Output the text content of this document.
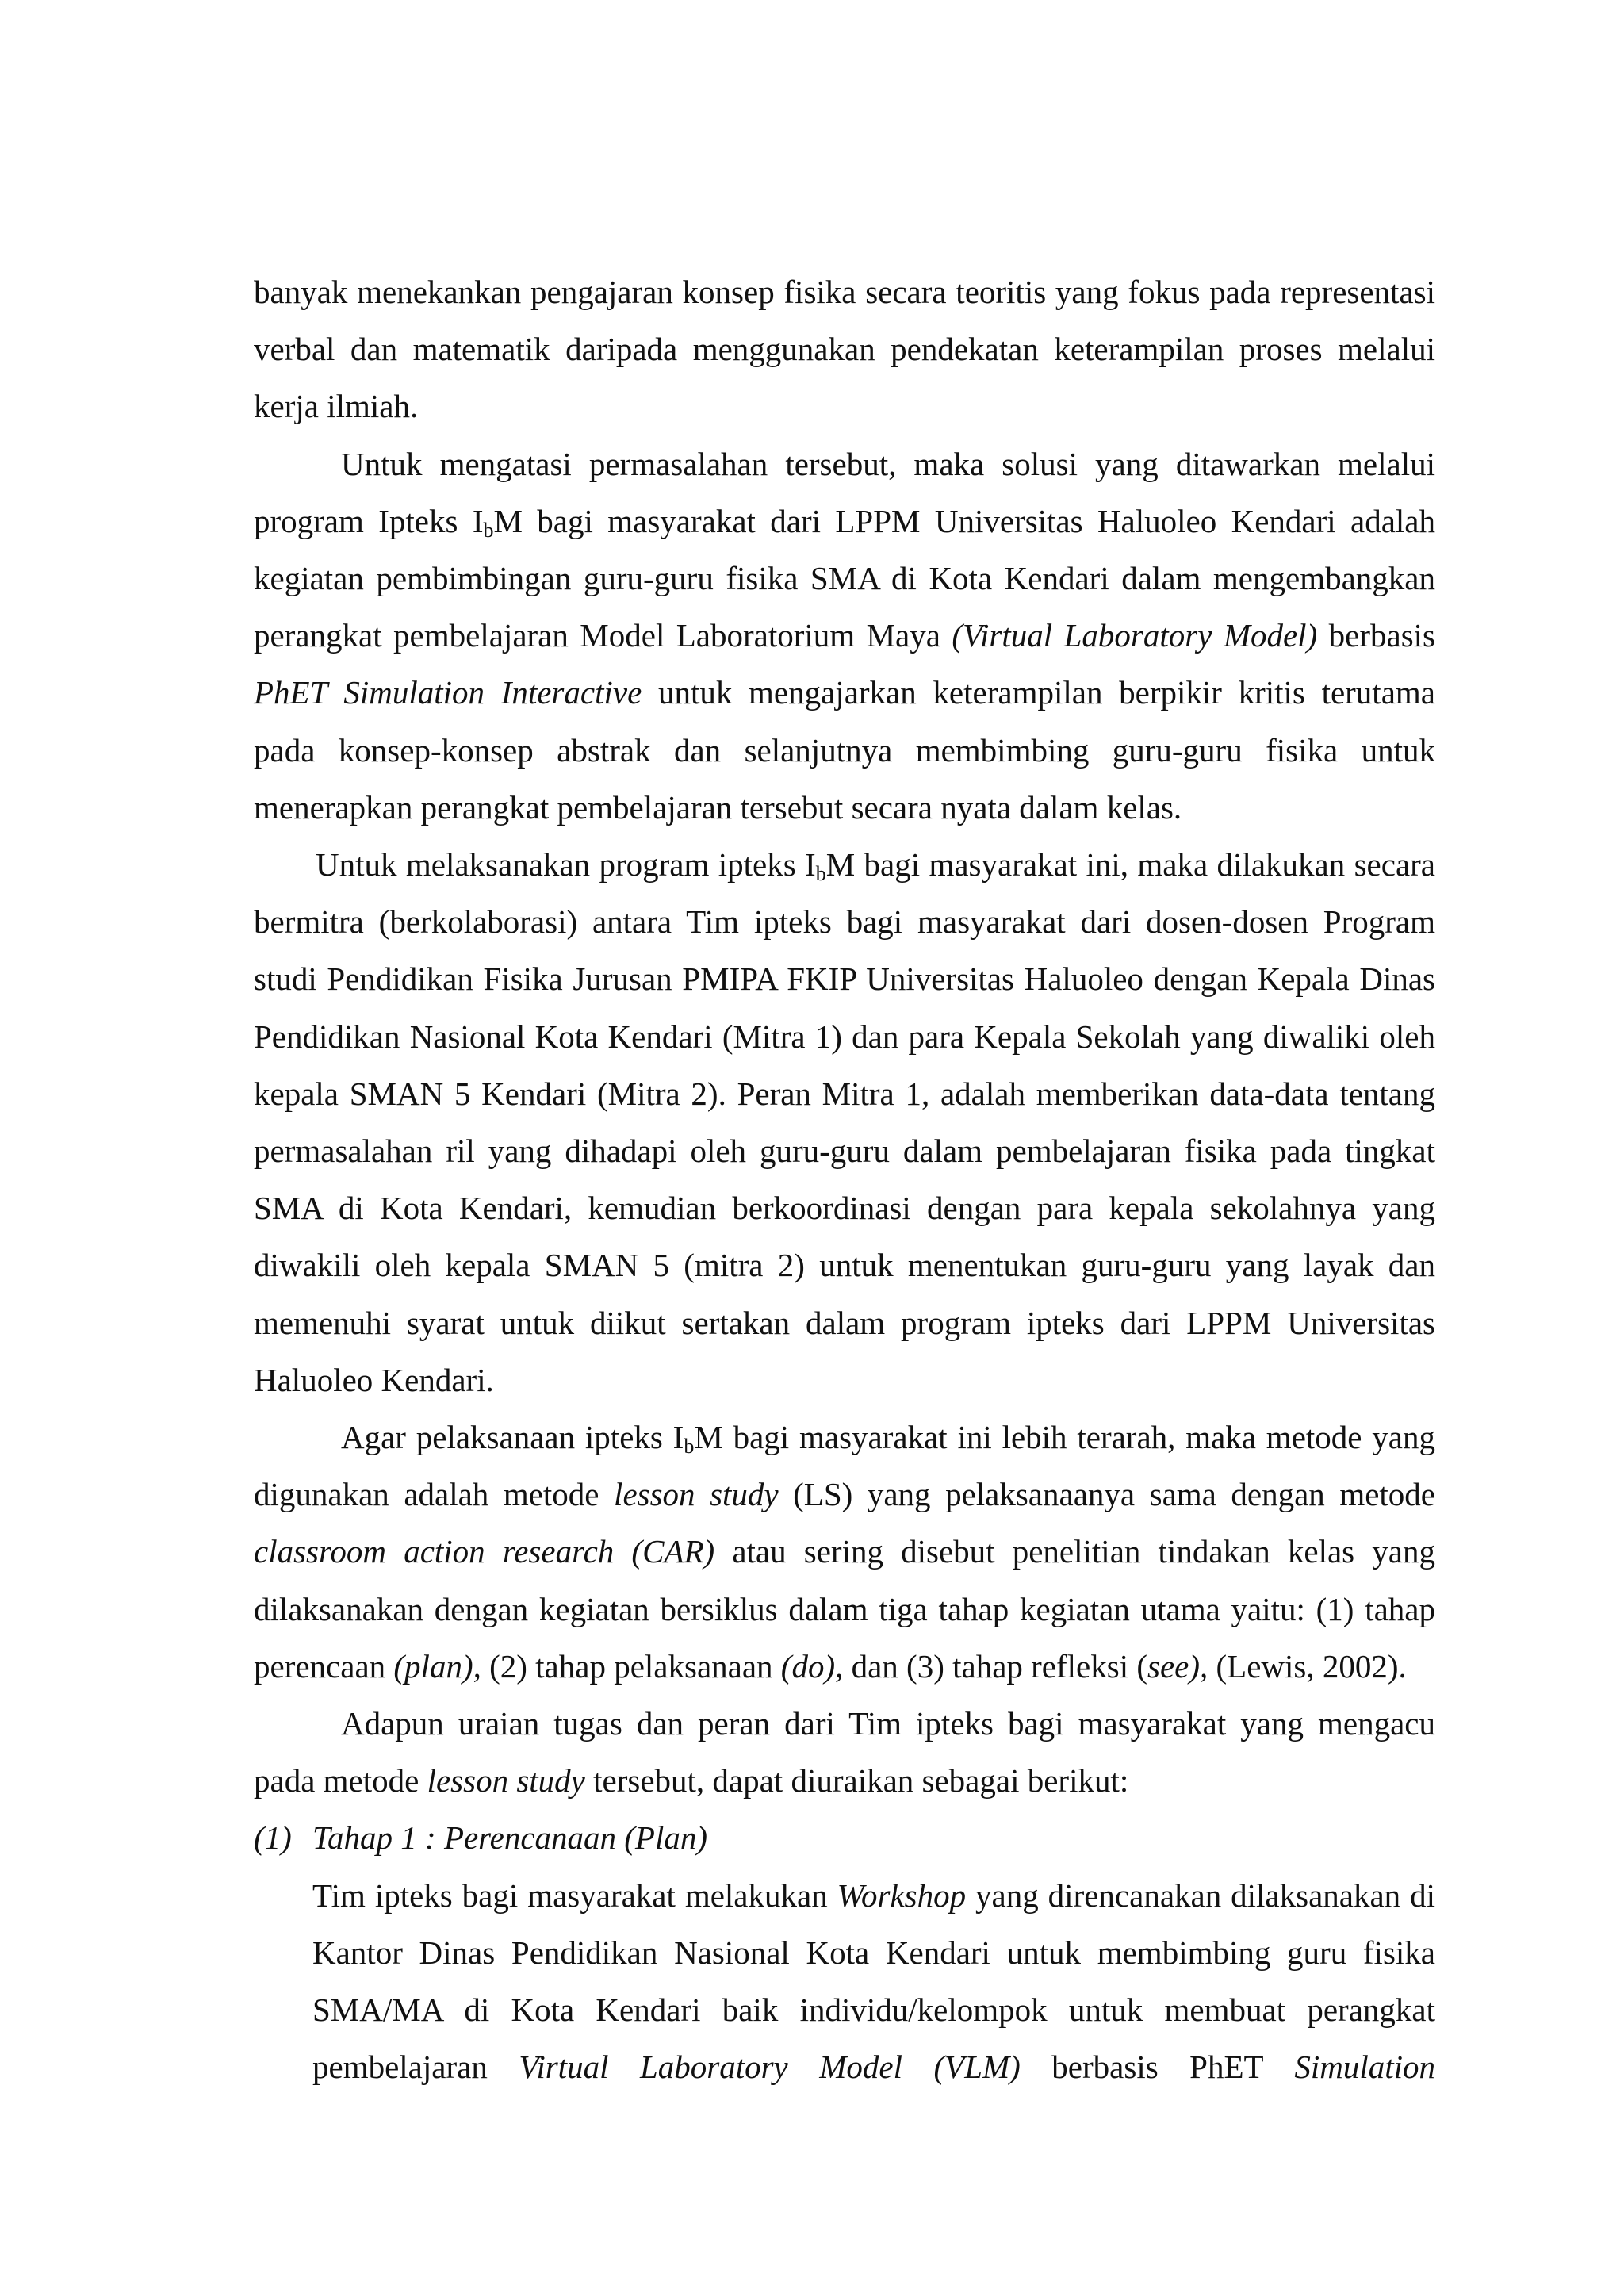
banyak menekankan pengajaran konsep fisika secara teoritis yang fokus pada representasi verbal dan matematik daripada menggunakan pendekatan keterampilan proses melalui kerja ilmiah.

Untuk mengatasi permasalahan tersebut, maka solusi yang ditawarkan melalui program Ipteks $I_bM$ bagi masyarakat dari LPPM Universitas Haluoleo Kendari adalah kegiatan pembimbingan guru-guru fisika SMA di Kota Kendari dalam mengembangkan perangkat pembelajaran Model Laboratorium Maya (Virtual Laboratory Model) berbasis PhET Simulation Interactive untuk mengajarkan keterampilan berpikir kritis terutama pada konsep-konsep abstrak dan selanjutnya membimbing guru-guru fisika untuk menerapkan perangkat pembelajaran tersebut secara nyata dalam kelas.

Untuk melaksanakan program ipteks $I_bM$ bagi masyarakat ini, maka dilakukan secara bermitra (berkolaborasi) antara Tim ipteks bagi masyarakat dari dosen-dosen Program studi Pendidikan Fisika Jurusan PMIPA FKIP Universitas Haluoleo dengan Kepala Dinas Pendidikan Nasional Kota Kendari (Mitra 1) dan para Kepala Sekolah yang diwaliki oleh kepala SMAN 5 Kendari (Mitra 2). Peran Mitra 1, adalah memberikan data-data tentang permasalahan ril yang dihadapi oleh guru-guru dalam pembelajaran fisika pada tingkat SMA di Kota Kendari, kemudian berkoordinasi dengan para kepala sekolahnya yang diwakili oleh kepala SMAN 5 (mitra 2) untuk menentukan guru-guru yang layak dan memenuhi syarat untuk diikut sertakan dalam program ipteks dari LPPM Universitas Haluoleo Kendari.

Agar pelaksanaan ipteks $I_bM$ bagi masyarakat ini lebih terarah, maka metode yang digunakan adalah metode lesson study (LS) yang pelaksanaanya sama dengan metode classroom action research (CAR) atau sering disebut penelitian tindakan kelas yang dilaksanakan dengan kegiatan bersiklus dalam tiga tahap kegiatan utama yaitu: (1) tahap perencaan (plan), (2) tahap pelaksanaan (do), dan (3) tahap refleksi (see), (Lewis, 2002).

Adapun uraian tugas dan peran dari Tim ipteks bagi masyarakat yang mengacu pada metode lesson study tersebut, dapat diuraikan sebagai berikut:

(1) Tahap 1 : Perencanaan (Plan)

Tim ipteks bagi masyarakat melakukan Workshop yang direncanakan dilaksanakan di Kantor Dinas Pendidikan Nasional Kota Kendari untuk membimbing guru fisika SMA/MA di Kota Kendari baik individu/kelompok untuk membuat perangkat pembelajaran Virtual Laboratory Model (VLM) berbasis PhET Simulation
